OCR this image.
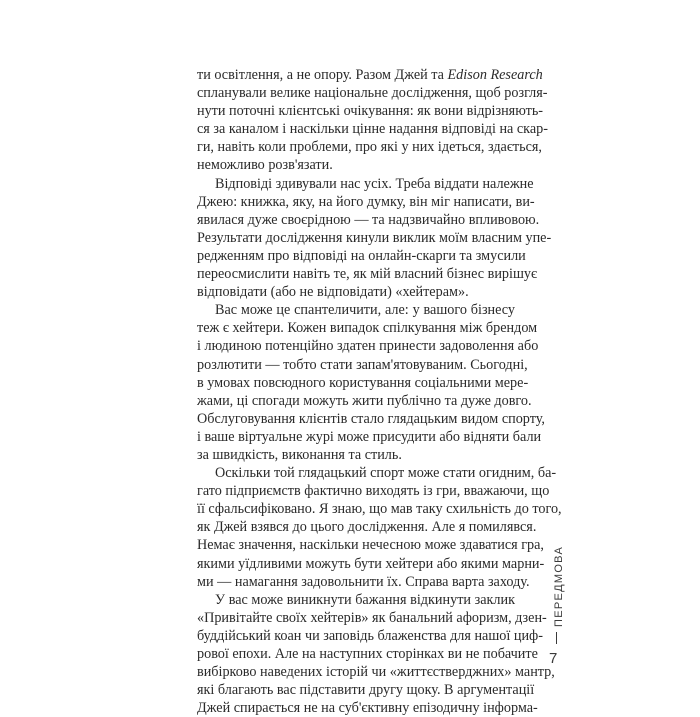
ти освітлення, а не опору. Разом Джей та Edison Research
спланували велике національне дослідження, щоб розгля-
нути поточні клієнтські очікування: як вони відрізняють-
ся за каналом і наскільки цінне надання відповіді на скар-
ги, навіть коли проблеми, про які у них ідеться, здається,
неможливо розв'язати.
Відповіді здивували нас усіх. Треба віддати належне
Джею: книжка, яку, на його думку, він міг написати, ви-
явилася дуже своєрідною — та надзвичайно впливовою.
Результати дослідження кинули виклик моїм власним упе-
редженням про відповіді на онлайн-скарги та змусили
переосмислити навіть те, як мій власний бізнес вирішує
відповідати (або не відповідати) «хейтерам».
Вас може це спантеличити, але: у вашого бізнесу
теж є хейтери. Кожен випадок спілкування між брендом
і людиною потенційно здатен принести задоволення або
розлютити — тобто стати запам'ятовуваним. Сьогодні,
в умовах повсюдного користування соціальними мере-
жами, ці спогади можуть жити публічно та дуже довго.
Обслуговування клієнтів стало глядацьким видом спорту,
і ваше віртуальне журі може присудити або відняти бали
за швидкість, виконання та стиль.
Оскільки той глядацький спорт може стати огидним, ба-
гато підприємств фактично виходять із гри, вважаючи, що
її сфальсифіковано. Я знаю, що мав таку схильність до того,
як Джей взявся до цього дослідження. Але я помилявся.
Немає значення, наскільки нечесною може здаватися гра,
якими уїдливими можуть бути хейтери або якими марни-
ми — намагання задовольнити їх. Справа варта заходу.
У вас може виникнути бажання відкинути заклик
«Привітайте своїх хейтерів» як банальний афоризм, дзен-
буддійський коан чи заповідь блаженства для нашої циф-
рової епохи. Але на наступних сторінках ви не побачите
вибірково наведених історій чи «життєстверджних» мантр,
які благають вас підставити другу щоку. В аргументації
Джей спирається не на суб'єктивну епізодичну інформа-
ПЕРЕДМОВА
7
